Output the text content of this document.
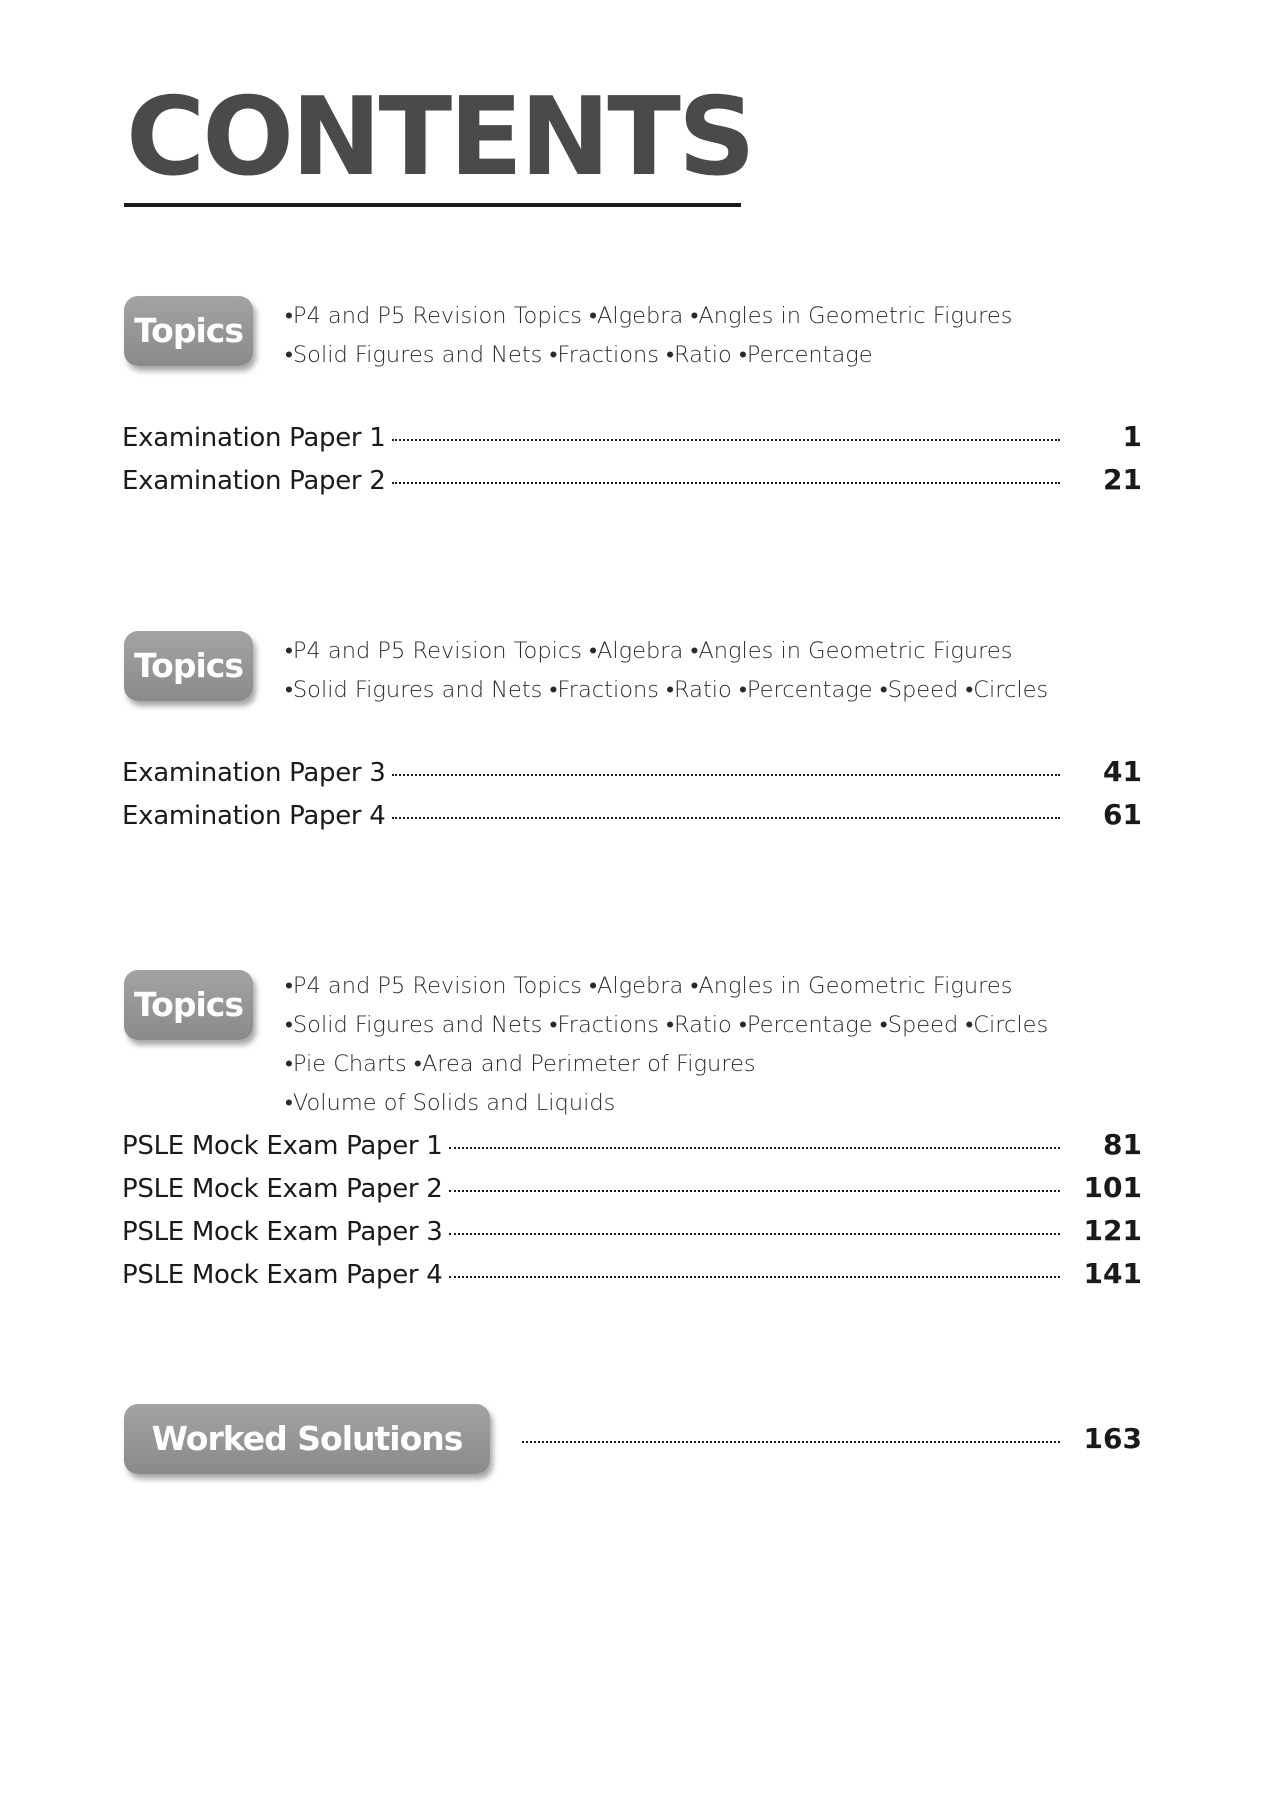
CONTENTS
Topics	• P4 and P5 Revision Topics • Algebra • Angles in Geometric Figures • Solid Figures and Nets • Fractions • Ratio • Percentage
Examination Paper 1	1
Examination Paper 2	21
Topics	• P4 and P5 Revision Topics • Algebra • Angles in Geometric Figures • Solid Figures and Nets • Fractions • Ratio • Percentage • Speed • Circles
Examination Paper 3	41
Examination Paper 4	61
Topics	• P4 and P5 Revision Topics • Algebra • Angles in Geometric Figures • Solid Figures and Nets • Fractions • Ratio • Percentage • Speed • Circles • Pie Charts • Area and Perimeter of Figures • Volume of Solids and Liquids
PSLE Mock Exam Paper 1	81
PSLE Mock Exam Paper 2	101
PSLE Mock Exam Paper 3	121
PSLE Mock Exam Paper 4	141
Worked Solutions	163
